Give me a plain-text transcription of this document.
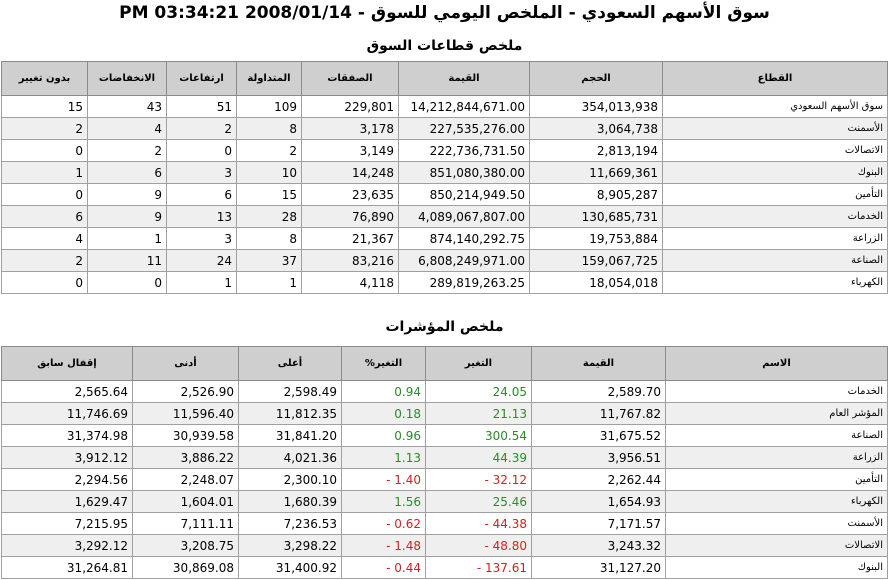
سوق الأسهم السعودي - الملخص اليومي للسوق - 2008/01/14 PM 03:34:21
ملخص قطاعات السوق
بدون تغيير	الانخفاضات	ارتفاعات	المتداولة	الصفقات	القيمة	الحجم	القطاع
15	43	51	109	229,801	14,212,844,671.00	354,013,938	سوق الأسهم السعودي
2	4	2	8	3,178	227,535,276.00	3,064,738	الأسمنت
0	2	0	2	3,149	222,736,731.50	2,813,194	الاتصالات
1	6	3	10	14,248	851,080,380.00	11,669,361	البنوك
0	9	6	15	23,635	850,214,949.50	8,905,287	التأمين
6	9	13	28	76,890	4,089,067,807.00	130,685,731	الخدمات
4	1	3	8	21,367	874,140,292.75	19,753,884	الزراعة
2	11	24	37	83,216	6,808,249,971.00	159,067,725	الصناعة
0	0	1	1	4,118	289,819,263.25	18,054,018	الكهرباء
ملخص المؤشرات
إقفال سابق	أدنى	أعلى	%التغير	التغير	القيمة	الاسم
2,565.64	2,526.90	2,598.49	0.94	24.05	2,589.70	الخدمات
11,746.69	11,596.40	11,812.35	0.18	21.13	11,767.82	المؤشر العام
31,374.98	30,939.58	31,841.20	0.96	300.54	31,675.52	الصناعة
3,912.12	3,886.22	4,021.36	1.13	44.39	3,956.51	الزراعة
2,294.56	2,248.07	2,300.10	- 1.40	- 32.12	2,262.44	التأمين
1,629.47	1,604.01	1,680.39	1.56	25.46	1,654.93	الكهرباء
7,215.95	7,111.11	7,236.53	- 0.62	- 44.38	7,171.57	الأسمنت
3,292.12	3,208.75	3,298.22	- 1.48	- 48.80	3,243.32	الاتصالات
31,264.81	30,869.08	31,400.92	- 0.44	- 137.61	31,127.20	البنوك
